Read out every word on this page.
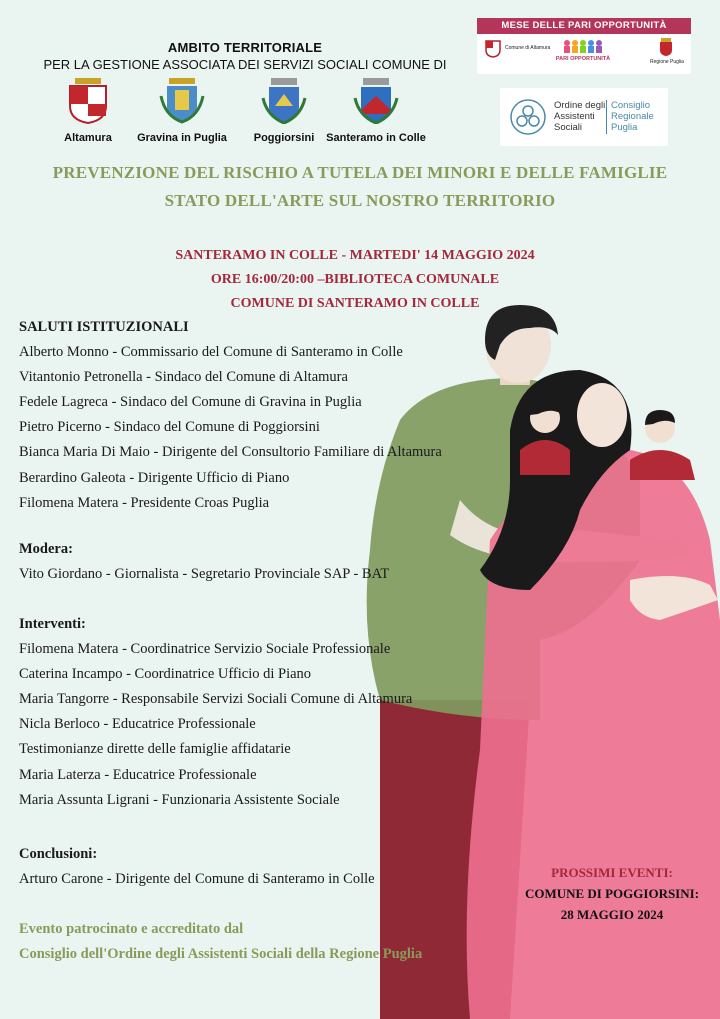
AMBITO TERRITORIALE
PER LA GESTIONE ASSOCIATA DEI SERVIZI SOCIALI COMUNE DI
Altamura	Gravina in Puglia	Poggiorsini	Santeramo in Colle
MESE DELLE PARI OPPORTUNITÀ
Comune di Altamura
PARI OPPORTUNITÀ	Regione Puglia
Ordine degli
Assistenti
Sociali
Consiglio
Regionale
Puglia
PREVENZIONE DEL RISCHIO A TUTELA DEI MINORI E DELLE FAMIGLIE
STATO DELL'ARTE SUL NOSTRO TERRITORIO
SANTERAMO IN COLLE - MARTEDI' 14 MAGGIO 2024
ORE 16:00/20:00 –BIBLIOTECA COMUNALE
COMUNE DI SANTERAMO IN COLLE
SALUTI ISTITUZIONALI
Alberto Monno - Commissario del Comune di Santeramo in Colle
Vitantonio Petronella - Sindaco del Comune di Altamura
Fedele Lagreca - Sindaco del Comune di Gravina in Puglia
Pietro Picerno - Sindaco del Comune di Poggiorsini
Bianca Maria Di Maio - Dirigente del Consultorio Familiare di Altamura
Berardino Galeota - Dirigente Ufficio di Piano
Filomena Matera - Presidente Croas Puglia
Modera:
Vito Giordano - Giornalista - Segretario Provinciale SAP - BAT
Interventi:
Filomena Matera - Coordinatrice Servizio Sociale Professionale
Caterina Incampo - Coordinatrice Ufficio di Piano
Maria Tangorre - Responsabile Servizi Sociali Comune di Altamura
Nicla Berloco - Educatrice Professionale
Testimonianze dirette delle famiglie affidatarie
Maria Laterza - Educatrice Professionale
Maria Assunta Ligrani - Funzionaria Assistente Sociale
Conclusioni:
Arturo Carone - Dirigente del Comune di Santeramo in Colle
Evento patrocinato e accreditato dal
Consiglio dell'Ordine degli Assistenti Sociali della Regione Puglia
PROSSIMI EVENTI:
COMUNE DI POGGIORSINI:
28 MAGGIO 2024
